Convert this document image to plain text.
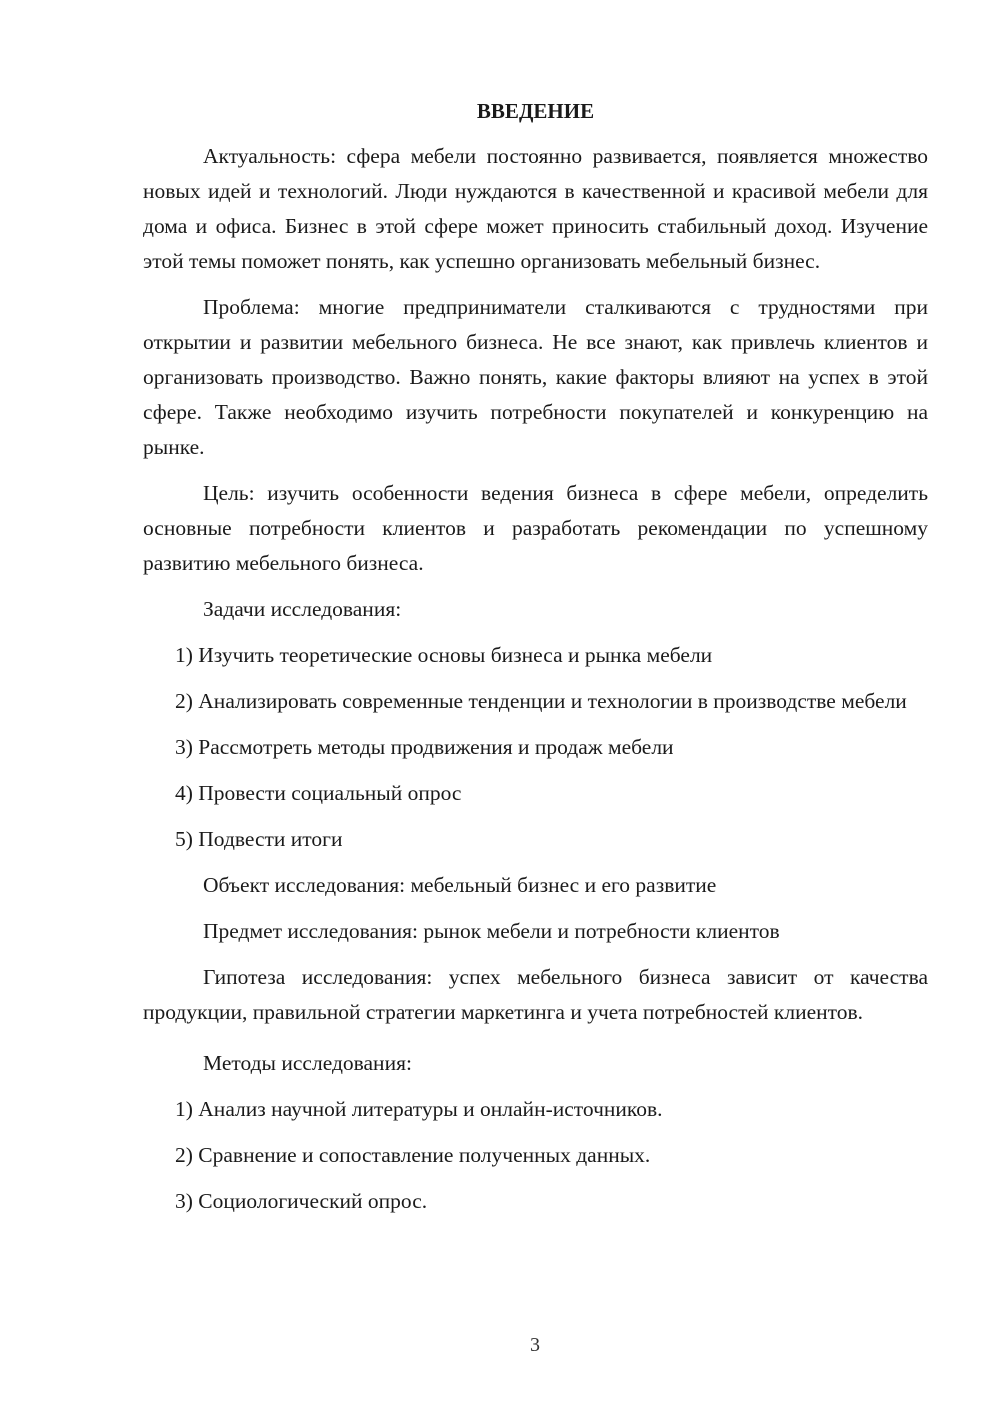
ВВЕДЕНИЕ

Актуальность: сфера мебели постоянно развивается, появляется множество новых идей и технологий. Люди нуждаются в качественной и красивой мебели для дома и офиса. Бизнес в этой сфере может приносить стабильный доход. Изучение этой темы поможет понять, как успешно организовать мебельный бизнес.

Проблема: многие предприниматели сталкиваются с трудностями при открытии и развитии мебельного бизнеса. Не все знают, как привлечь клиентов и организовать производство. Важно понять, какие факторы влияют на успех в этой сфере. Также необходимо изучить потребности покупателей и конкуренцию на рынке.

Цель: изучить особенности ведения бизнеса в сфере мебели, определить основные потребности клиентов и разработать рекомендации по успешному развитию мебельного бизнеса.

Задачи исследования:

1) Изучить теоретические основы бизнеса и рынка мебели

2) Анализировать современные тенденции и технологии в производстве мебели

3) Рассмотреть методы продвижения и продаж мебели

4) Провести социальный опрос

5) Подвести итоги

Объект исследования: мебельный бизнес и его развитие

Предмет исследования: рынок мебели и потребности клиентов

Гипотеза исследования: успех мебельного бизнеса зависит от качества продукции, правильной стратегии маркетинга и учета потребностей клиентов.

Методы исследования:

1) Анализ научной литературы и онлайн-источников.

2) Сравнение и сопоставление полученных данных.

3) Социологический опрос.

3
